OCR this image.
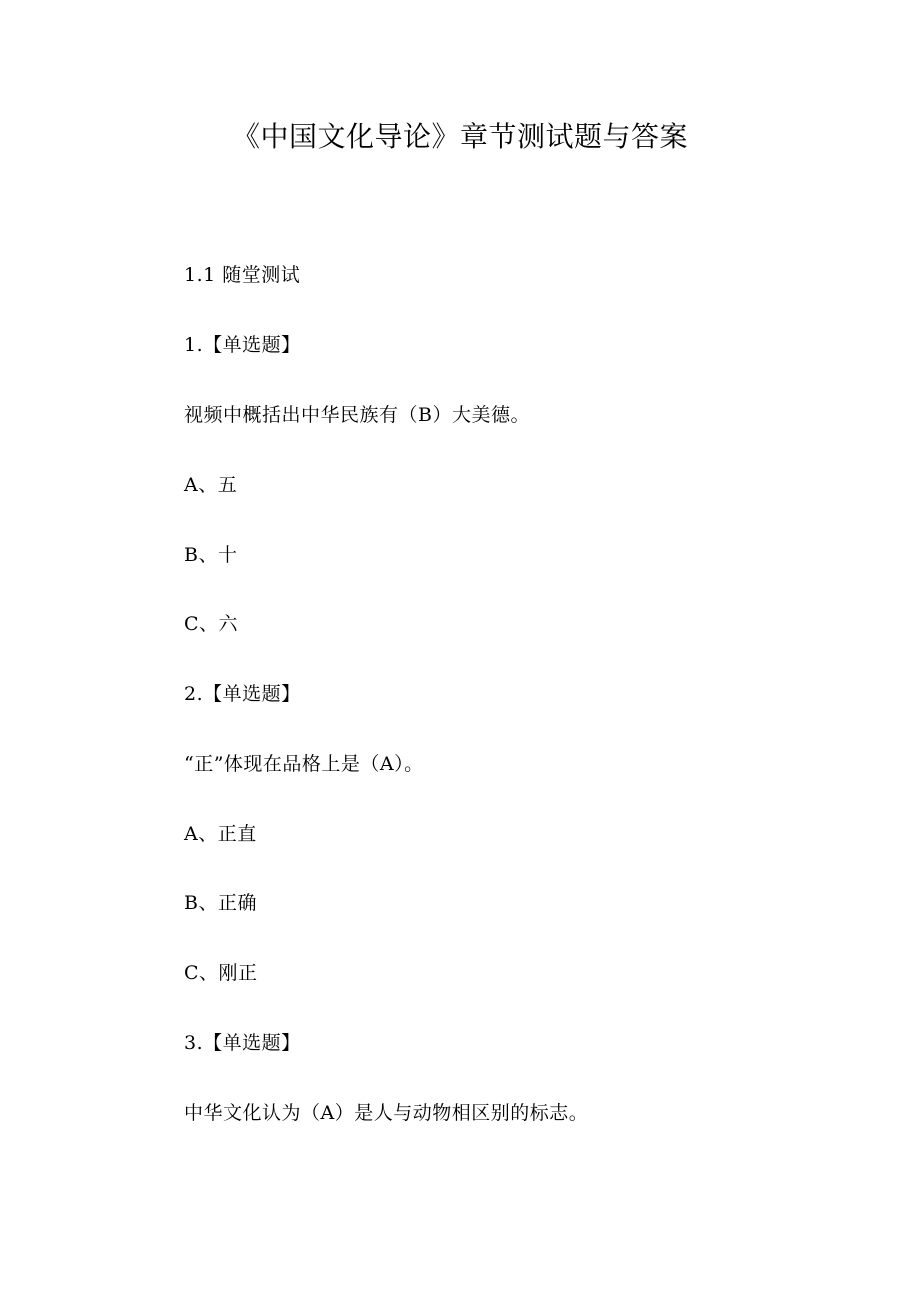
《中国文化导论》章节测试题与答案
1.1 随堂测试
1.【单选题】
视频中概括出中华民族有（B）大美德。
A、五
B、十
C、六
2.【单选题】
“正”体现在品格上是（A）。
A、正直
B、正确
C、刚正
3.【单选题】
中华文化认为（A）是人与动物相区别的标志。
